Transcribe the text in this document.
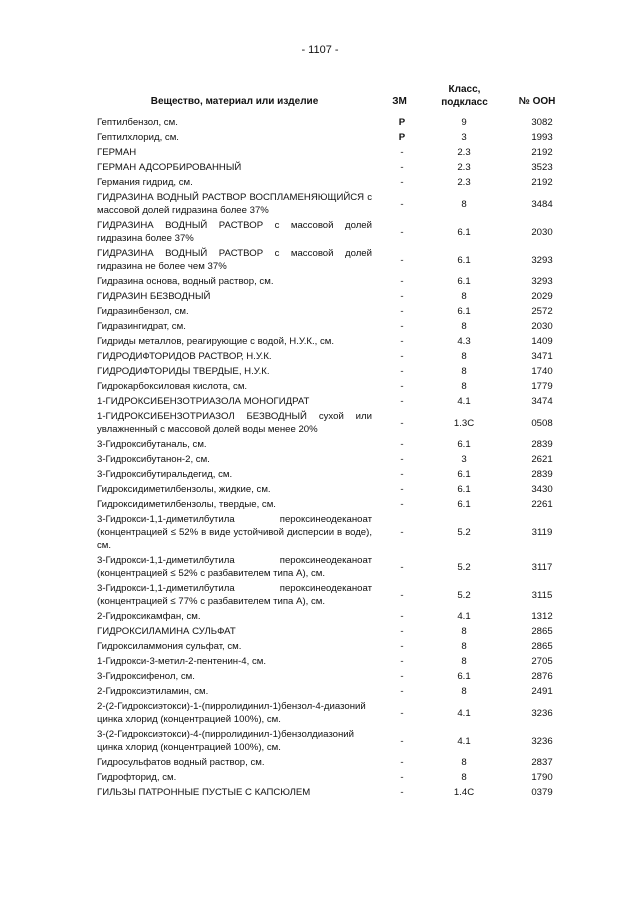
- 1107 -
Вещество, материал или изделие	ЗМ
Класс,
подкласс	№ ООН
Гептилбензол, см.	Р	9	3082
Гептилхлорид, см.	Р	3	1993
ГЕРМАН	-	2.3	2192
ГЕРМАН АДСОРБИРОВАННЫЙ	-	2.3	3523
Германия гидрид, см.	-	2.3	2192
ГИДРАЗИНА ВОДНЫЙ РАСТВОР ВОСПЛАМЕНЯЮЩИЙСЯ с массовой долей гидразина более 37%
-	8	3484
ГИДРАЗИНА ВОДНЫЙ РАСТВОР с массовой долей гидразина более 37%
-	6.1	2030
ГИДРАЗИНА ВОДНЫЙ РАСТВОР с массовой долей гидразина не более чем 37%
-	6.1	3293
Гидразина основа, водный раствор, см.	-	6.1	3293
ГИДРАЗИН БЕЗВОДНЫЙ	-	8	2029
Гидразинбензол, см.	-	6.1	2572
Гидразингидрат, см.	-	8	2030
Гидриды металлов, реагирующие с водой, Н.У.К., см.	-	4.3	1409
ГИДРОДИФТОРИДОВ РАСТВОР, Н.У.К.	-	8	3471
ГИДРОДИФТОРИДЫ ТВЕРДЫЕ, Н.У.К.	-	8	1740
Гидрокарбоксиловая кислота, см.	-	8	1779
1-ГИДРОКСИБЕНЗОТРИАЗОЛА МОНОГИДРАТ	-	4.1	3474
1-ГИДРОКСИБЕНЗОТРИАЗОЛ БЕЗВОДНЫЙ сухой или увлажненный с массовой долей воды менее 20%
-	1.3С	0508
3-Гидроксибутаналь, см.	-	6.1	2839
3-Гидроксибутанон-2, см.	-	3	2621
3-Гидроксибутиральдегид, см.	-	6.1	2839
Гидроксидиметилбензолы, жидкие, см.	-	6.1	3430
Гидроксидиметилбензолы, твердые, см.	-	6.1	2261
3-Гидрокси-1,1-диметилбутила пероксинеодеканоат (концентрацией ≤ 52% в виде устойчивой дисперсии в воде), см.
-	5.2	3119
3-Гидрокси-1,1-диметилбутила пероксинеодеканоат (концентрацией ≤ 52% с разбавителем типа А), см.
-	5.2	3117
3-Гидрокси-1,1-диметилбутила пероксинеодеканоат (концентрацией ≤ 77% с разбавителем типа А), см.
-	5.2	3115
2-Гидроксикамфан, см.	-	4.1	1312
ГИДРОКСИЛАМИНА СУЛЬФАТ	-	8	2865
Гидроксиламмония сульфат, см.	-	8	2865
1-Гидрокси-3-метил-2-пентенин-4, см.	-	8	2705
3-Гидроксифенол, см.	-	6.1	2876
2-Гидроксиэтиламин, см.	-	8	2491
2-(2-Гидроксиэтокси)-1-(пирролидинил-1)бензол-4-диазоний цинка хлорид (концентрацией 100%), см.
-	4.1	3236
3-(2-Гидроксиэтокси)-4-(пирролидинил-1)бензолдиазоний цинка хлорид (концентрацией 100%), см.
-	4.1	3236
Гидросульфатов водный раствор, см.	-	8	2837
Гидрофторид, см.	-	8	1790
ГИЛЬЗЫ ПАТРОННЫЕ ПУСТЫЕ С КАПСЮЛЕМ	-	1.4С	0379
